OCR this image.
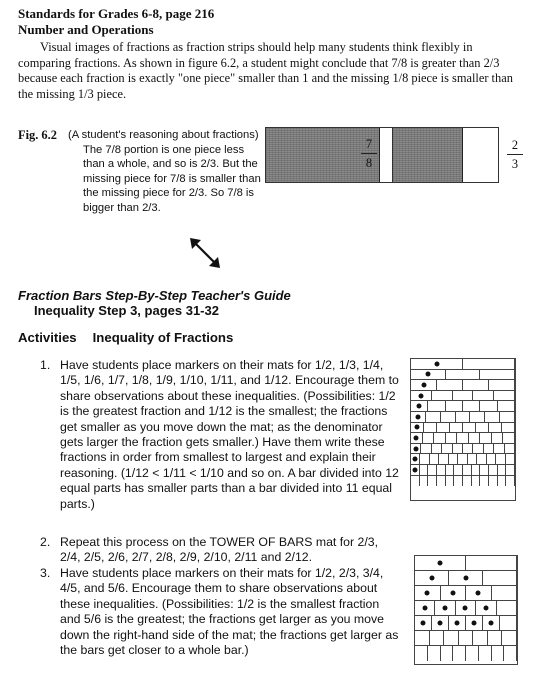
Standards for Grades 6-8, page 216
Number and Operations
Visual images of fractions as fraction strips should help many students think flexibly in comparing fractions. As shown in figure 6.2, a student might conclude that 7/8 is greater than 2/3 because each fraction is exactly "one piece" smaller than 1 and the missing 1/8 piece is smaller than the missing 1/3 piece.
Fig. 6.2 (A student's reasoning about fractions)
The 7/8 portion is one piece less
than a whole, and so is 2/3. But the
missing piece for 7/8 is smaller than
the missing piece for 2/3. So 7/8 is
bigger than 2/3.
7
8
2
3
Fraction Bars Step-By-Step Teacher's Guide
Inequality Step 3, pages 31-32
Activities Inequality of Fractions
1. Have students place markers on their mats for 1/2, 1/3, 1/4, 1/5, 1/6, 1/7, 1/8, 1/9, 1/10, 1/11, and 1/12. Encourage them to share observations about these inequalities. (Possibilities: 1/2 is the greatest fraction and 1/12 is the smallest; the fractions get smaller as you move down the mat; as the denominator gets larger the fraction gets smaller.) Have them write these fractions in order from smallest to largest and explain their reasoning. (1/12 < 1/11 < 1/10 and so on. A bar divided into 12 equal parts has smaller parts than a bar divided into 11 equal parts.)
2. Repeat this process on the TOWER OF BARS mat for 2/3, 2/4, 2/5, 2/6, 2/7, 2/8, 2/9, 2/10, 2/11 and 2/12.
3. Have students place markers on their mats for 1/2, 2/3, 3/4, 4/5, and 5/6. Encourage them to share observations about these inequalities. (Possibilities: 1/2 is the smallest fraction and 5/6 is the greatest; the fractions get larger as you move down the right-hand side of the mat; the fractions get larger as the bars get closer to a whole bar.)
